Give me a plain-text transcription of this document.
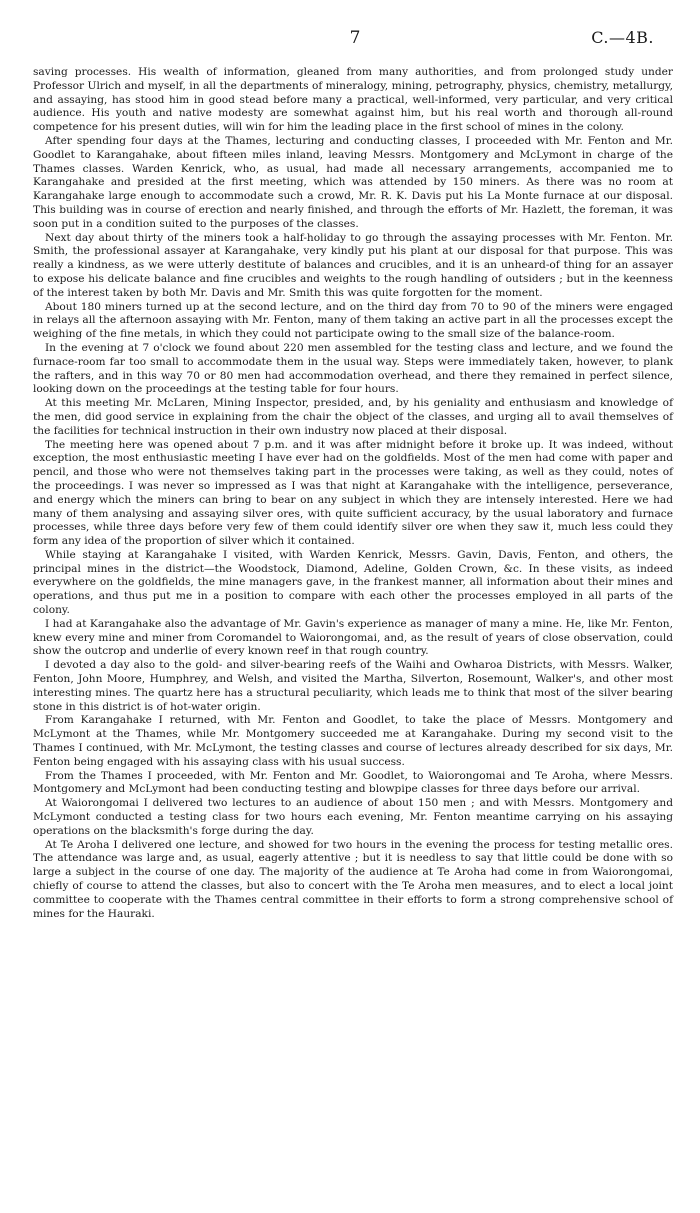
7	C.—4B.

saving processes. His wealth of information, gleaned from many authorities, and from prolonged study under Professor Ulrich and myself, in all the departments of mineralogy, mining, petrography, physics, chemistry, metallurgy, and assaying, has stood him in good stead before many a practical, well-informed, very particular, and very critical audience. His youth and native modesty are somewhat against him, but his real worth and thorough all-round competence for his present duties, will win for him the leading place in the first school of mines in the colony.

After spending four days at the Thames, lecturing and conducting classes, I proceeded with Mr. Fenton and Mr. Goodlet to Karangahake, about fifteen miles inland, leaving Messrs. Montgomery and McLymont in charge of the Thames classes. Warden Kenrick, who, as usual, had made all necessary arrangements, accompanied me to Karangahake and presided at the first meeting, which was attended by 150 miners. As there was no room at Karangahake large enough to accommodate such a crowd, Mr. R. K. Davis put his La Monte furnace at our disposal. This building was in course of erection and nearly finished, and through the efforts of Mr. Hazlett, the foreman, it was soon put in a condition suited to the purposes of the classes.

Next day about thirty of the miners took a half-holiday to go through the assaying processes with Mr. Fenton. Mr. Smith, the professional assayer at Karangahake, very kindly put his plant at our disposal for that purpose. This was really a kindness, as we were utterly destitute of balances and crucibles, and it is an unheard-of thing for an assayer to expose his delicate balance and fine crucibles and weights to the rough handling of outsiders ; but in the keenness of the interest taken by both Mr. Davis and Mr. Smith this was quite forgotten for the moment.

About 180 miners turned up at the second lecture, and on the third day from 70 to 90 of the miners were engaged in relays all the afternoon assaying with Mr. Fenton, many of them taking an active part in all the processes except the weighing of the fine metals, in which they could not participate owing to the small size of the balance-room.

In the evening at 7 o'clock we found about 220 men assembled for the testing class and lecture, and we found the furnace-room far too small to accommodate them in the usual way. Steps were immediately taken, however, to plank the rafters, and in this way 70 or 80 men had accommodation overhead, and there they remained in perfect silence, looking down on the proceedings at the testing table for four hours.

At this meeting Mr. McLaren, Mining Inspector, presided, and, by his geniality and enthusiasm and knowledge of the men, did good service in explaining from the chair the object of the classes, and urging all to avail themselves of the facilities for technical instruction in their own industry now placed at their disposal.

The meeting here was opened about 7 p.m. and it was after midnight before it broke up. It was indeed, without exception, the most enthusiastic meeting I have ever had on the goldfields. Most of the men had come with paper and pencil, and those who were not themselves taking part in the processes were taking, as well as they could, notes of the proceedings. I was never so impressed as I was that night at Karangahake with the intelligence, perseverance, and energy which the miners can bring to bear on any subject in which they are intensely interested. Here we had many of them analysing and assaying silver ores, with quite sufficient accuracy, by the usual laboratory and furnace processes, while three days before very few of them could identify silver ore when they saw it, much less could they form any idea of the proportion of silver which it contained.

While staying at Karangahake I visited, with Warden Kenrick, Messrs. Gavin, Davis, Fenton, and others, the principal mines in the district—the Woodstock, Diamond, Adeline, Golden Crown, &c. In these visits, as indeed everywhere on the goldfields, the mine managers gave, in the frankest manner, all information about their mines and operations, and thus put me in a position to compare with each other the processes employed in all parts of the colony.

I had at Karangahake also the advantage of Mr. Gavin's experience as manager of many a mine. He, like Mr. Fenton, knew every mine and miner from Coromandel to Waiorongomai, and, as the result of years of close observation, could show the outcrop and underlie of every known reef in that rough country.

I devoted a day also to the gold- and silver-bearing reefs of the Waihi and Owharoa Districts, with Messrs. Walker, Fenton, John Moore, Humphrey, and Welsh, and visited the Martha, Silverton, Rosemount, Walker's, and other most interesting mines. The quartz here has a structural peculiarity, which leads me to think that most of the silver bearing stone in this district is of hot-water origin.

From Karangahake I returned, with Mr. Fenton and Goodlet, to take the place of Messrs. Montgomery and McLymont at the Thames, while Mr. Montgomery succeeded me at Karangahake. During my second visit to the Thames I continued, with Mr. McLymont, the testing classes and course of lectures already described for six days, Mr. Fenton being engaged with his assaying class with his usual success.

From the Thames I proceeded, with Mr. Fenton and Mr. Goodlet, to Waiorongomai and Te Aroha, where Messrs. Montgomery and McLymont had been conducting testing and blowpipe classes for three days before our arrival.

At Waiorongomai I delivered two lectures to an audience of about 150 men ; and with Messrs. Montgomery and McLymont conducted a testing class for two hours each evening, Mr. Fenton meantime carrying on his assaying operations on the blacksmith's forge during the day.

At Te Aroha I delivered one lecture, and showed for two hours in the evening the process for testing metallic ores. The attendance was large and, as usual, eagerly attentive ; but it is needless to say that little could be done with so large a subject in the course of one day. The majority of the audience at Te Aroha had come in from Waiorongomai, chiefly of course to attend the classes, but also to concert with the Te Aroha men measures, and to elect a local joint committee to cooperate with the Thames central committee in their efforts to form a strong comprehensive school of mines for the Hauraki.
